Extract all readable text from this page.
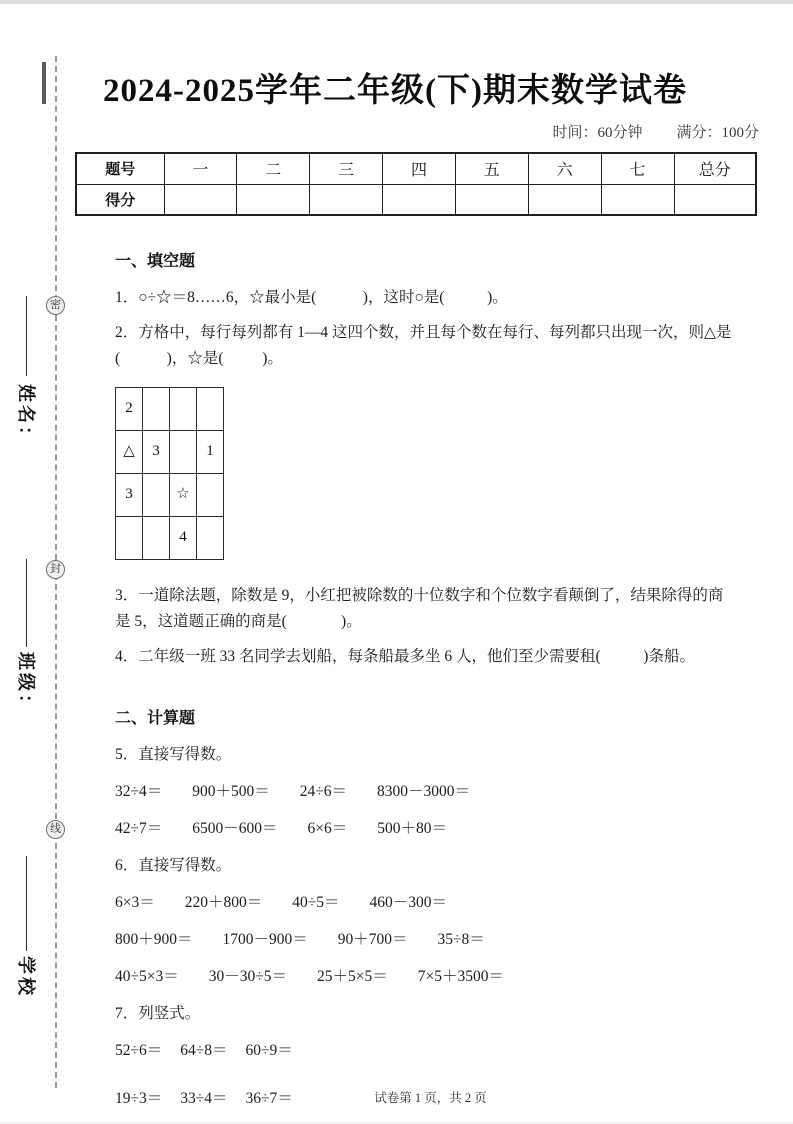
密
封
线
姓名：
班级：
学校
2024-2025学年二年级(下)期末数学试卷
时间：60分钟 满分：100分
题号	一	二	三	四	五	六	七	总分
得分								
一、填空题
1．○÷☆＝8……6，☆最小是(            )，这时○是(           )。
2．方格中，每行每列都有 1—4 这四个数，并且每个数在每行、每列都只出现一次，则△是
(            )，☆是(          )。
2			
△	3		1
3		☆	
		4	
3．一道除法题，除数是 9，小红把被除数的十位数字和个位数字看颠倒了，结果除得的商
是 5，这道题正确的商是(              )。
4．二年级一班 33 名同学去划船，每条船最多坐 6 人，他们至少需要租(           )条船。
二、计算题
5．直接写得数。
32÷4＝ 900＋500＝ 24÷6＝ 8300－3000＝
42÷7＝ 6500－600＝ 6×6＝ 500＋80＝
6．直接写得数。
6×3＝ 220＋800＝ 40÷5＝ 460－300＝
800＋900＝ 1700－900＝ 90＋700＝ 35÷8＝
40÷5×3＝ 30－30÷5＝ 25＋5×5＝ 7×5＋3500＝
7．列竖式。
52÷6＝ 64÷8＝ 60÷9＝
19÷3＝ 33÷4＝ 36÷7＝	试卷第 1 页，共 2 页
